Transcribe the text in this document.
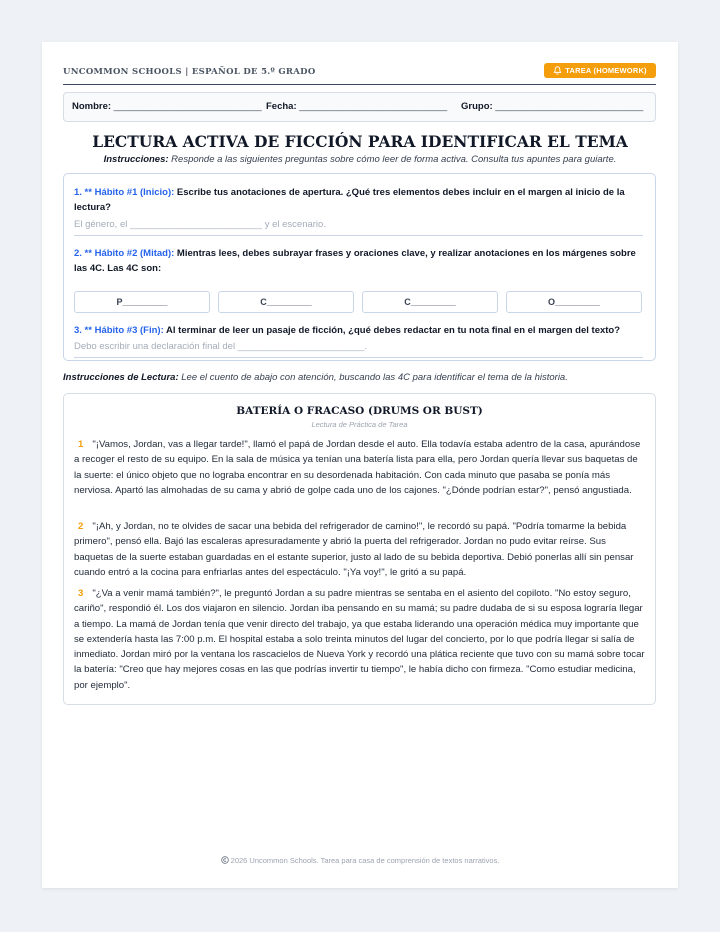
UNCOMMON SCHOOLS | ESPAÑOL DE 5.º GRADO	TAREA (HOMEWORK)
Nombre: ____________________________ Fecha: ____________________________ Grupo: ____________________________
LECTURA ACTIVA DE FICCIÓN PARA IDENTIFICAR EL TEMA
Instrucciones: Responde a las siguientes preguntas sobre cómo leer de forma activa. Consulta tus apuntes para guiarte.
1. ** Hábito #1 (Inicio): Escribe tus anotaciones de apertura. ¿Qué tres elementos debes incluir en el margen al inicio de la lectura?
El género, el _________________________ y el escenario.
2. ** Hábito #2 (Mitad): Mientras lees, debes subrayar frases y oraciones clave, y realizar anotaciones en los márgenes sobre las 4C. Las 4C son:
P_________	C_________	C_________	O_________
3. ** Hábito #3 (Fin): Al terminar de leer un pasaje de ficción, ¿qué debes redactar en tu nota final en el margen del texto?
Debo escribir una declaración final del ________________________.
Instrucciones de Lectura: Lee el cuento de abajo con atención, buscando las 4C para identificar el tema de la historia.
BATERÍA O FRACASO (DRUMS OR BUST)
Lectura de Práctica de Tarea
1 "¡Vamos, Jordan, vas a llegar tarde!", llamó el papá de Jordan desde el auto. Ella todavía estaba adentro de la casa, apurándose a recoger el resto de su equipo. En la sala de música ya tenían una batería lista para ella, pero Jordan quería llevar sus baquetas de la suerte: el único objeto que no lograba encontrar en su desordenada habitación. Con cada minuto que pasaba se ponía más nerviosa. Apartó las almohadas de su cama y abrió de golpe cada uno de los cajones. "¿Dónde podrían estar?", pensó angustiada.
2 "¡Ah, y Jordan, no te olvides de sacar una bebida del refrigerador de camino!", le recordó su papá. "Podría tomarme la bebida primero", pensó ella. Bajó las escaleras apresuradamente y abrió la puerta del refrigerador. Jordan no pudo evitar reírse. Sus baquetas de la suerte estaban guardadas en el estante superior, justo al lado de su bebida deportiva. Debió ponerlas allí sin pensar cuando entró a la cocina para enfriarlas antes del espectáculo. "¡Ya voy!", le gritó a su papá.
3 "¿Va a venir mamá también?", le preguntó Jordan a su padre mientras se sentaba en el asiento del copiloto. "No estoy seguro, cariño", respondió él. Los dos viajaron en silencio. Jordan iba pensando en su mamá; su padre dudaba de si su esposa lograría llegar a tiempo. La mamá de Jordan tenía que venir directo del trabajo, ya que estaba liderando una operación médica muy importante que se extendería hasta las 7:00 p.m. El hospital estaba a solo treinta minutos del lugar del concierto, por lo que podría llegar si salía de inmediato. Jordan miró por la ventana los rascacielos de Nueva York y recordó una plática reciente que tuvo con su mamá sobre tocar la batería: "Creo que hay mejores cosas en las que podrías invertir tu tiempo", le había dicho con firmeza. "Como estudiar medicina, por ejemplo".
2026 Uncommon Schools. Tarea para casa de comprensión de textos narrativos.
